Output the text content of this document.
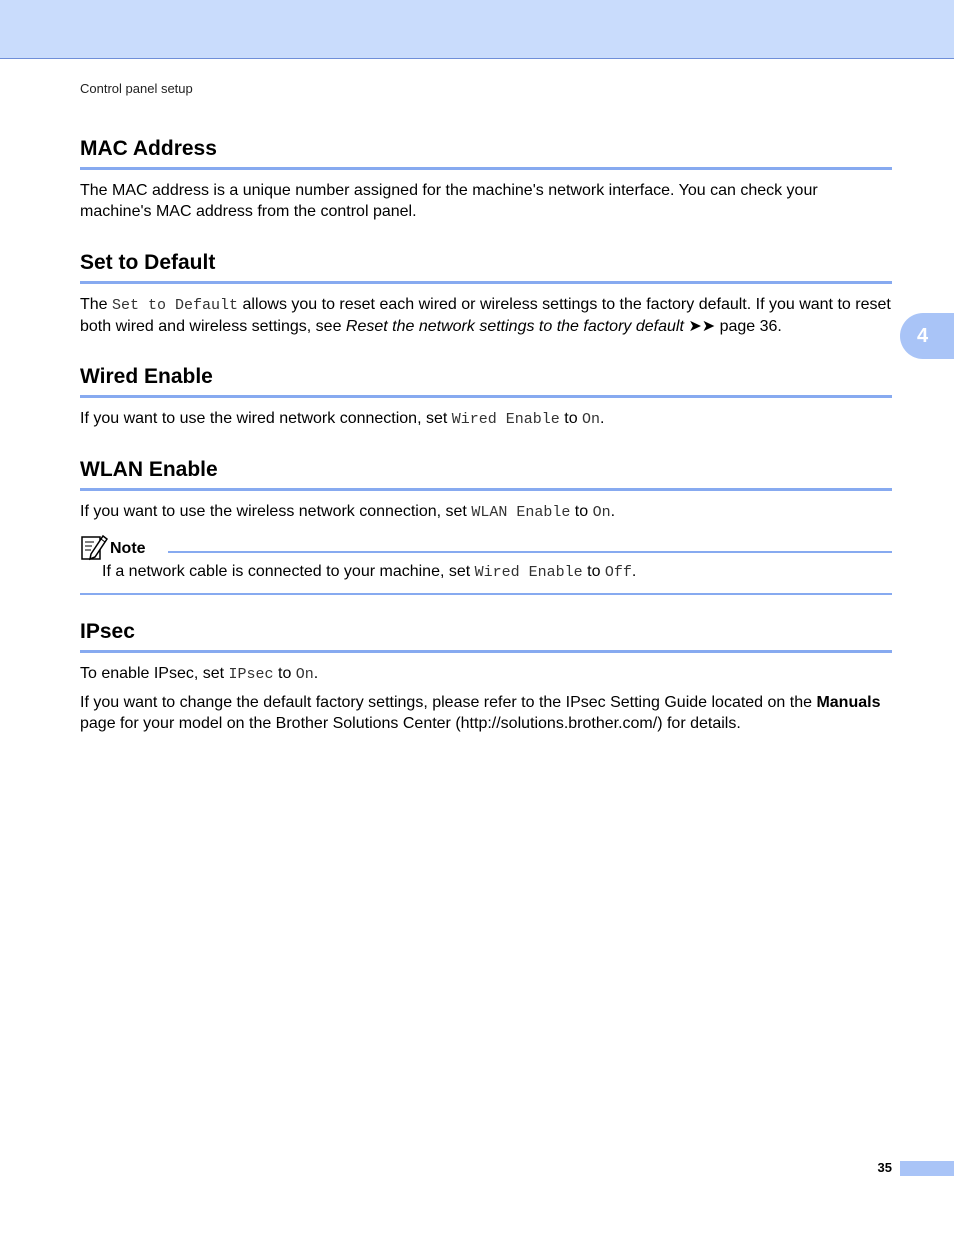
Control panel setup
4
MAC Address

The MAC address is a unique number assigned for the machine's network interface. You can check your machine's MAC address from the control panel.

Set to Default

The Set to Default allows you to reset each wired or wireless settings to the factory default. If you want to reset both wired and wireless settings, see Reset the network settings to the factory default ➤➤ page 36.

Wired Enable

If you want to use the wired network connection, set Wired Enable to On.

WLAN Enable

If you want to use the wireless network connection, set WLAN Enable to On.

Note
If a network cable is connected to your machine, set Wired Enable to Off.
IPsec

To enable IPsec, set IPsec to On.

If you want to change the default factory settings, please refer to the IPsec Setting Guide located on the Manuals page for your model on the Brother Solutions Center (http://solutions.brother.com/) for details.

35
